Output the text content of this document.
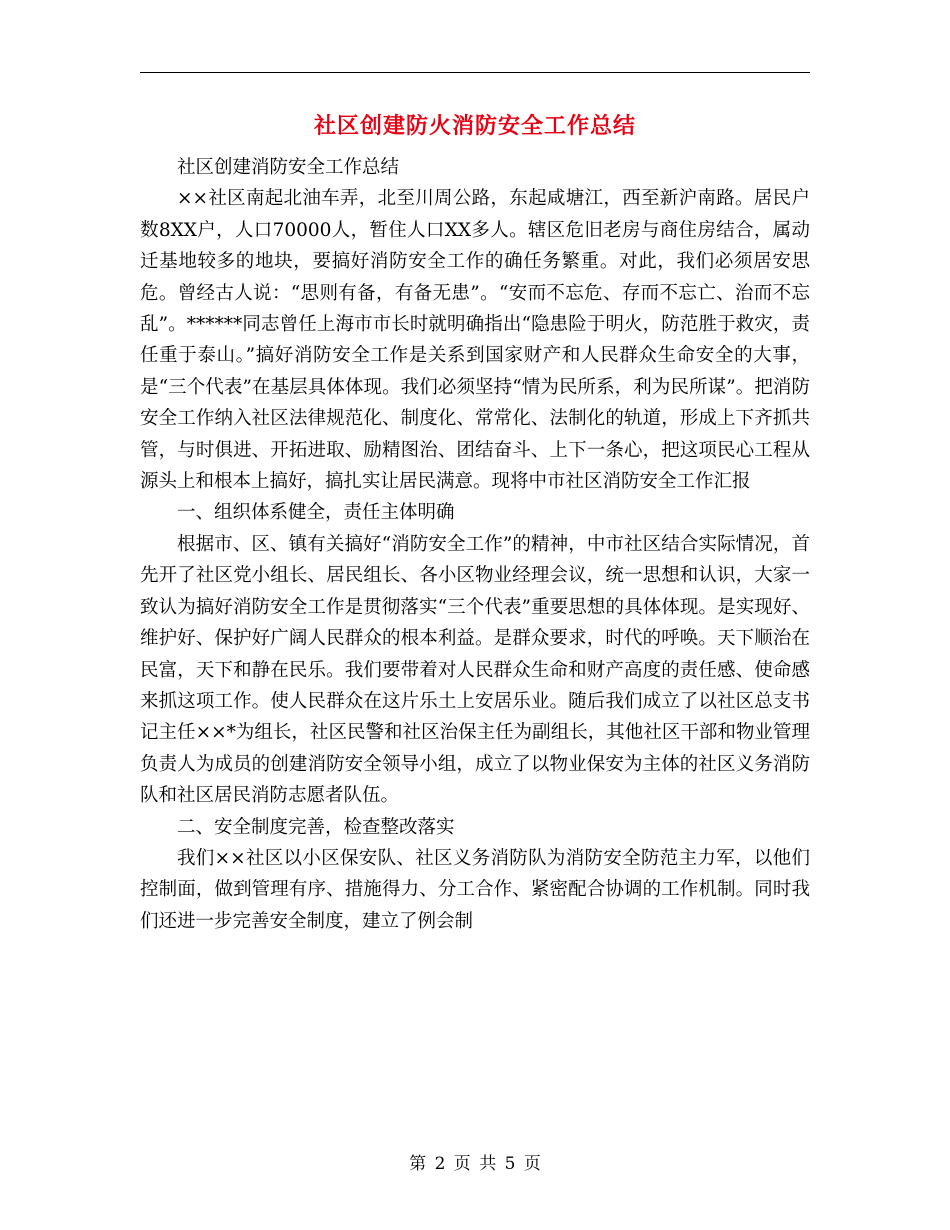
社区创建防火消防安全工作总结

社区创建消防安全工作总结

××社区南起北油车弄，北至川周公路，东起咸塘江，西至新沪南路。居民户数8XX户，人口70000人，暂住人口XX多人。辖区危旧老房与商住房结合，属动迁基地较多的地块，要搞好消防安全工作的确任务繁重。对此，我们必须居安思危。曾经古人说：“思则有备，有备无患”。“安而不忘危、存而不忘亡、治而不忘乱”。******同志曾任上海市市长时就明确指出“隐患险于明火，防范胜于救灾，责任重于泰山。”搞好消防安全工作是关系到国家财产和人民群众生命安全的大事，是“三个代表”在基层具体体现。我们必须坚持“情为民所系，利为民所谋”。把消防安全工作纳入社区法律规范化、制度化、常常化、法制化的轨道，形成上下齐抓共管，与时俱进、开拓进取、励精图治、团结奋斗、上下一条心，把这项民心工程从源头上和根本上搞好，搞扎实让居民满意。现将中市社区消防安全工作汇报

一、组织体系健全，责任主体明确

根据市、区、镇有关搞好“消防安全工作”的精神，中市社区结合实际情况，首先开了社区党小组长、居民组长、各小区物业经理会议，统一思想和认识，大家一致认为搞好消防安全工作是贯彻落实“三个代表”重要思想的具体体现。是实现好、维护好、保护好广阔人民群众的根本利益。是群众要求，时代的呼唤。天下顺治在民富，天下和静在民乐。我们要带着对人民群众生命和财产高度的责任感、使命感来抓这项工作。使人民群众在这片乐土上安居乐业。随后我们成立了以社区总支书记主任××*为组长，社区民警和社区治保主任为副组长，其他社区干部和物业管理负责人为成员的创建消防安全领导小组，成立了以物业保安为主体的社区义务消防队和社区居民消防志愿者队伍。

二、安全制度完善，检查整改落实

我们××社区以小区保安队、社区义务消防队为消防安全防范主力军，以他们控制面，做到管理有序、措施得力、分工合作、紧密配合协调的工作机制。同时我们还进一步完善安全制度，建立了例会制

第 2 页 共 5 页
